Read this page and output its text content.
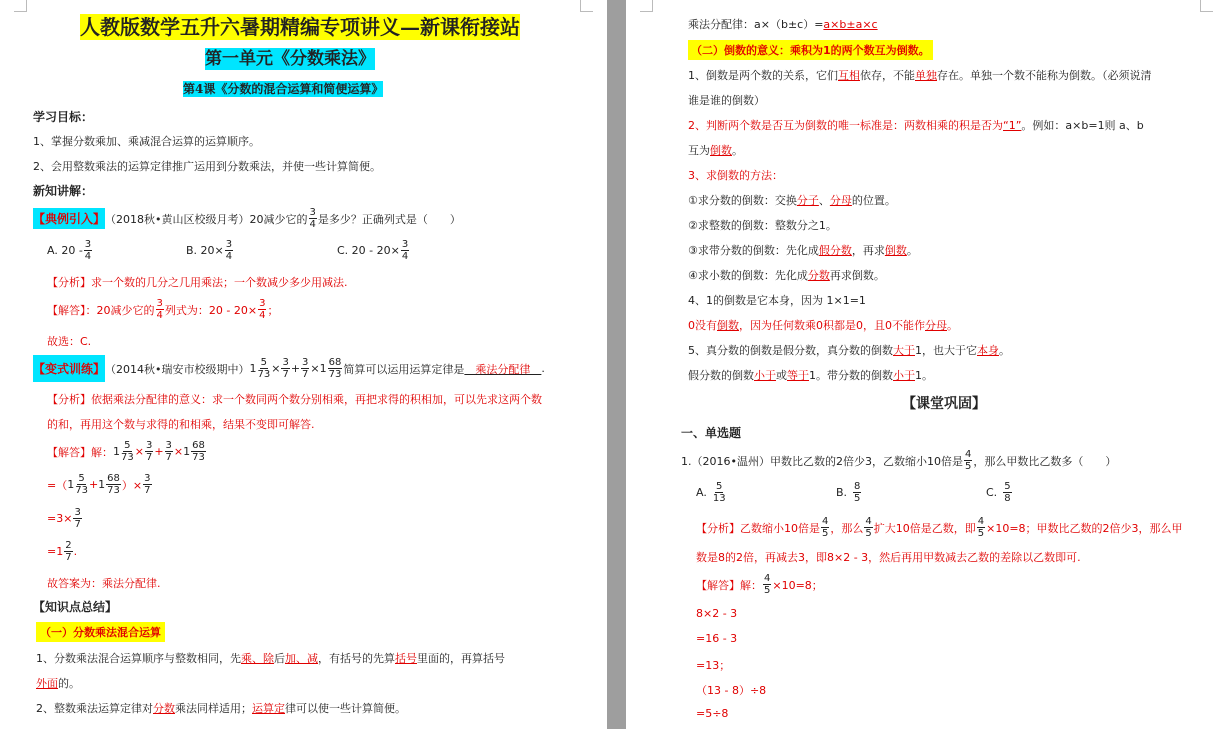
人教版数学五升六暑期精编专项讲义—新课衔接站
第一单元《分数乘法》
第4课《分数的混合运算和简便运算》
学习目标：
1、掌握分数乘加、乘减混合运算的运算顺序。
2、会用整数乘法的运算定律推广运用到分数乘法，并使一些计算简便。
新知讲解：
【典例引入】 （2018秋•黄山区校级月考）20减少它的 $\frac{3}{4}$ 是多少？正确列式是（　　）
A. $20 - \frac{3}{4}$	B. $20\times \frac{3}{4}$	C. $20 - 20\times \frac{3}{4}$
【分析】求一个数的几分之几用乘法；一个数减少多少用减法.
【解答】：20减少它的 $\frac{3}{4}$ 列式为：$20 - 20\times \frac{3}{4}$ ；
故选：C.
【变式训练】 （2014秋•瑞安市校级期中） $1 \frac{5}{73} \times \frac{3}{7} + \frac{3}{7} \times 1 \frac{68}{73}$ 简算可以运用运算定律是 　乘法分配律　 .
【分析】依据乘法分配律的意义：求一个数同两个数分别相乘，再把求得的积相加，可以先求这两个数
的和，再用这个数与求得的和相乘，结果不变即可解答.
【解答】解： $1 \frac{5}{73} \times \frac{3}{7} + \frac{3}{7} \times 1 \frac{68}{73}$
=（ $1 \frac{5}{73} + 1 \frac{68}{73}$ ）× $\frac{3}{7}$
$=3\times \frac{3}{7}$
$=1 \frac{2}{7}$ .
故答案为：乘法分配律.
【知识点总结】
（一）分数乘法混合运算
1、分数乘法混合运算顺序与整数相同，先乘、除后加、减，有括号的先算括号里面的，再算括号
外面的。
2、整数乘法运算定律对分数乘法同样适用；运算定律可以使一些计算简便。
乘法分配律：a×（b±c）=a×b±a×c
（二）倒数的意义：乘积为1的两个数互为倒数。
1、倒数是两个数的关系，它们互相依存，不能单独存在。单独一个数不能称为倒数。（必须说清
谁是谁的倒数）
2、判断两个数是否互为倒数的唯一标准是：两数相乘的积是否为“1”。例如：a×b=1则 a、b
互为倒数。
3、求倒数的方法：
①求分数的倒数：交换分子、分母的位置。
②求整数的倒数：整数分之1。
③求带分数的倒数：先化成假分数，再求倒数。
④求小数的倒数：先化成分数再求倒数。
4、1的倒数是它本身，因为 1×1=1
0没有倒数，因为任何数乘0积都是0，且0不能作分母。
5、真分数的倒数是假分数，真分数的倒数大于1，也大于它本身。
假分数的倒数小于或等于1。带分数的倒数小于1。
【课堂巩固】
一、单选题
1.（2016•温州）甲数比乙数的2倍少3，乙数缩小10倍是 $\frac{4}{5}$ ，那么甲数比乙数多（　　）
A. $\frac{5}{13}$	B. $\frac{8}{5}$	C. $\frac{5}{8}$
【分析】乙数缩小10倍是 $\frac{4}{5}$ ，那么 $\frac{4}{5}$ 扩大10倍是乙数，即 $\frac{4}{5} \times 10=8$；甲数比乙数的2倍少3，那么甲
数是8的2倍，再减去3，即8×2 - 3，然后再用甲数减去乙数的差除以乙数即可.
【解答】解： $\frac{4}{5} \times 10=8$；
8×2 - 3
=16 - 3
=13；
（13 - 8）÷8
=5÷8
